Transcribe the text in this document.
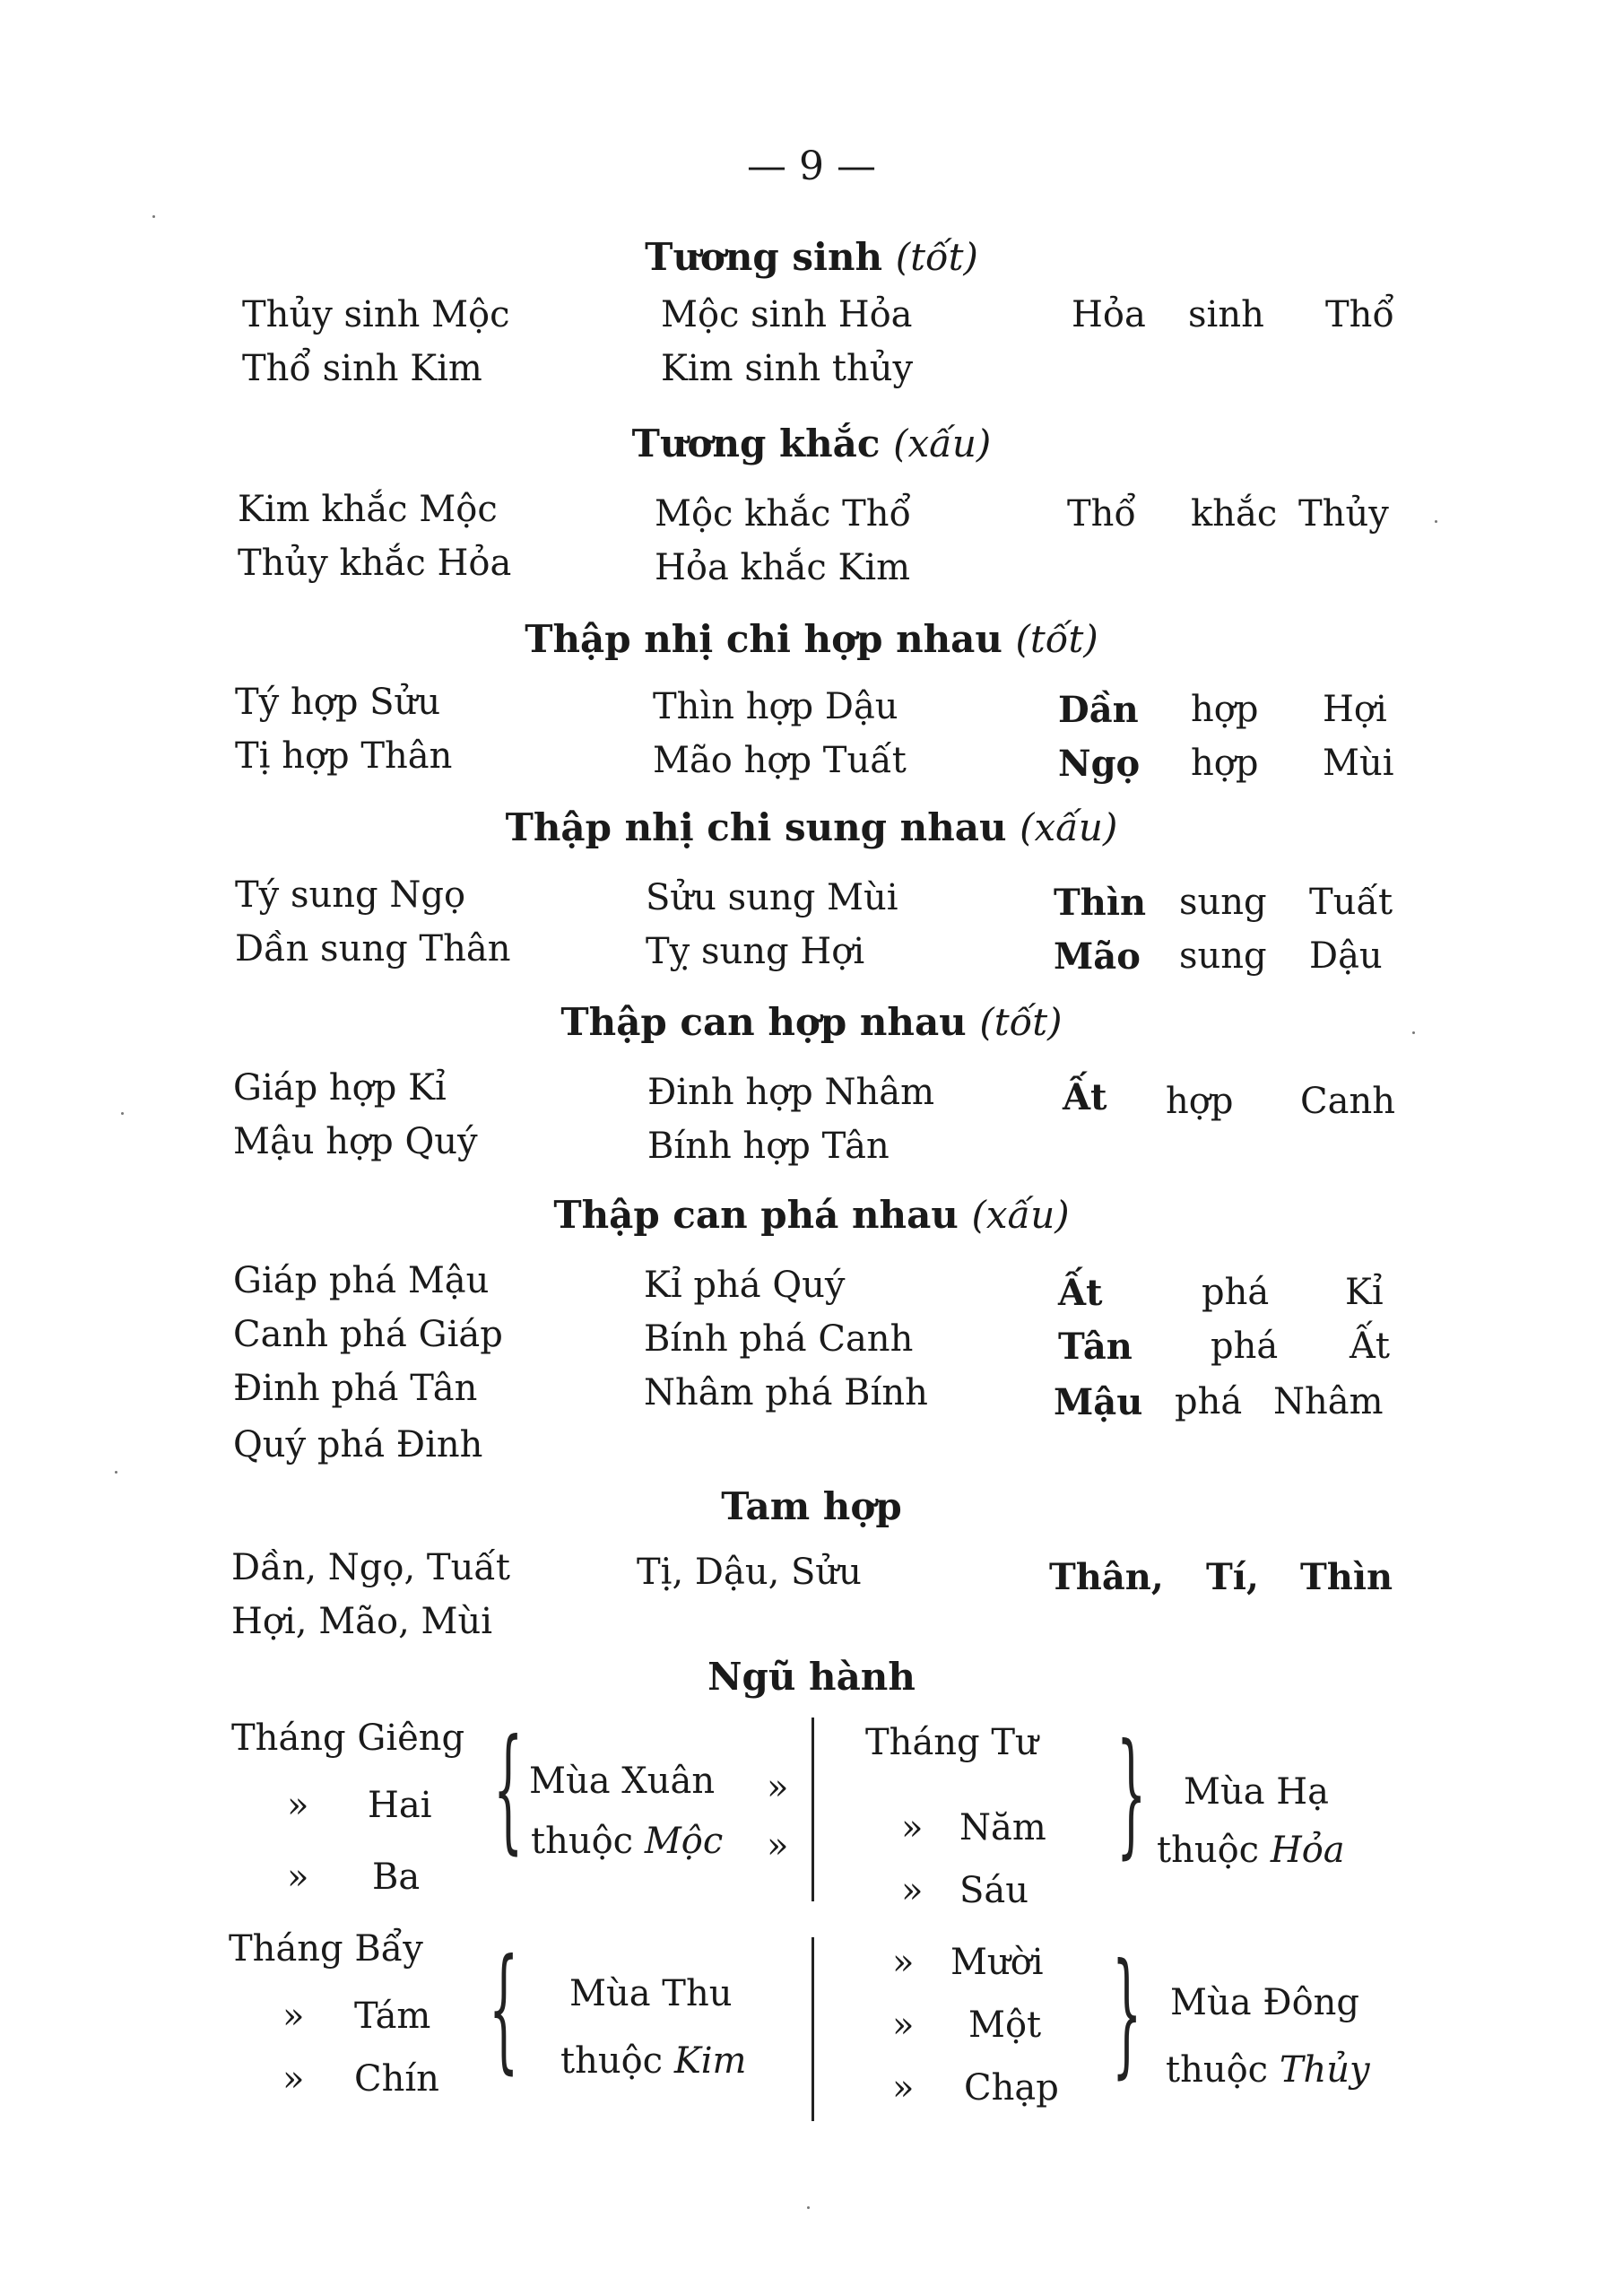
— 9 —
Tương sinh (tốt)
Thủy sinh Mộc
Thổ sinh Kim
Mộc sinh Hỏa
Kim sinh thủy
Hỏa sinh Thổ
Tương khắc (xấu)
Kim khắc Mộc
Thủy khắc Hỏa
Mộc khắc Thổ
Hỏa khắc Kim
Thổ khắc Thủy
Thập nhị chi hợp nhau (tốt)
Tý hợp Sửu
Tị hợp Thân
Thìn hợp Dậu
Mão hợp Tuất
Dần hợp Hợi
Ngọ hợp Mùi
Thập nhị chi sung nhau (xấu)
Tý sung Ngọ
Dần sung Thân
Sửu sung Mùi
Tỵ sung Hợi
Thìn sung Tuất
Mão sung Dậu
Thập can hợp nhau (tốt)
Giáp hợp Kỉ
Mậu hợp Quý
Đinh hợp Nhâm
Bính hợp Tân
Ất hợp Canh
Thập can phá nhau (xấu)
Giáp phá Mậu
Canh phá Giáp
Đinh phá Tân
Quý phá Đinh
Kỉ phá Quý
Bính phá Canh
Nhâm phá Bính
Ất	phá Kỉ
Tân phá Ất
Mậu phá Nhâm
Tam hợp
Dần, Ngọ, Tuất
Hợi, Mão, Mùi
Tị, Dậu, Sửu	Thân, Tí, Thìn
Ngũ hành
Tháng Giêng
» Hai
» Ba
{ Mùa Xuân
thuộc Mộc
»
»
Tháng Tư
» Năm
» Sáu
} Mùa Hạ
thuộc Hỏa
Tháng Bẩy
» Tám
» Chín { Mùa Thu
thuộc Kim
» Mười
» Một
» Chạp } Mùa Đông
thuộc Thủy
